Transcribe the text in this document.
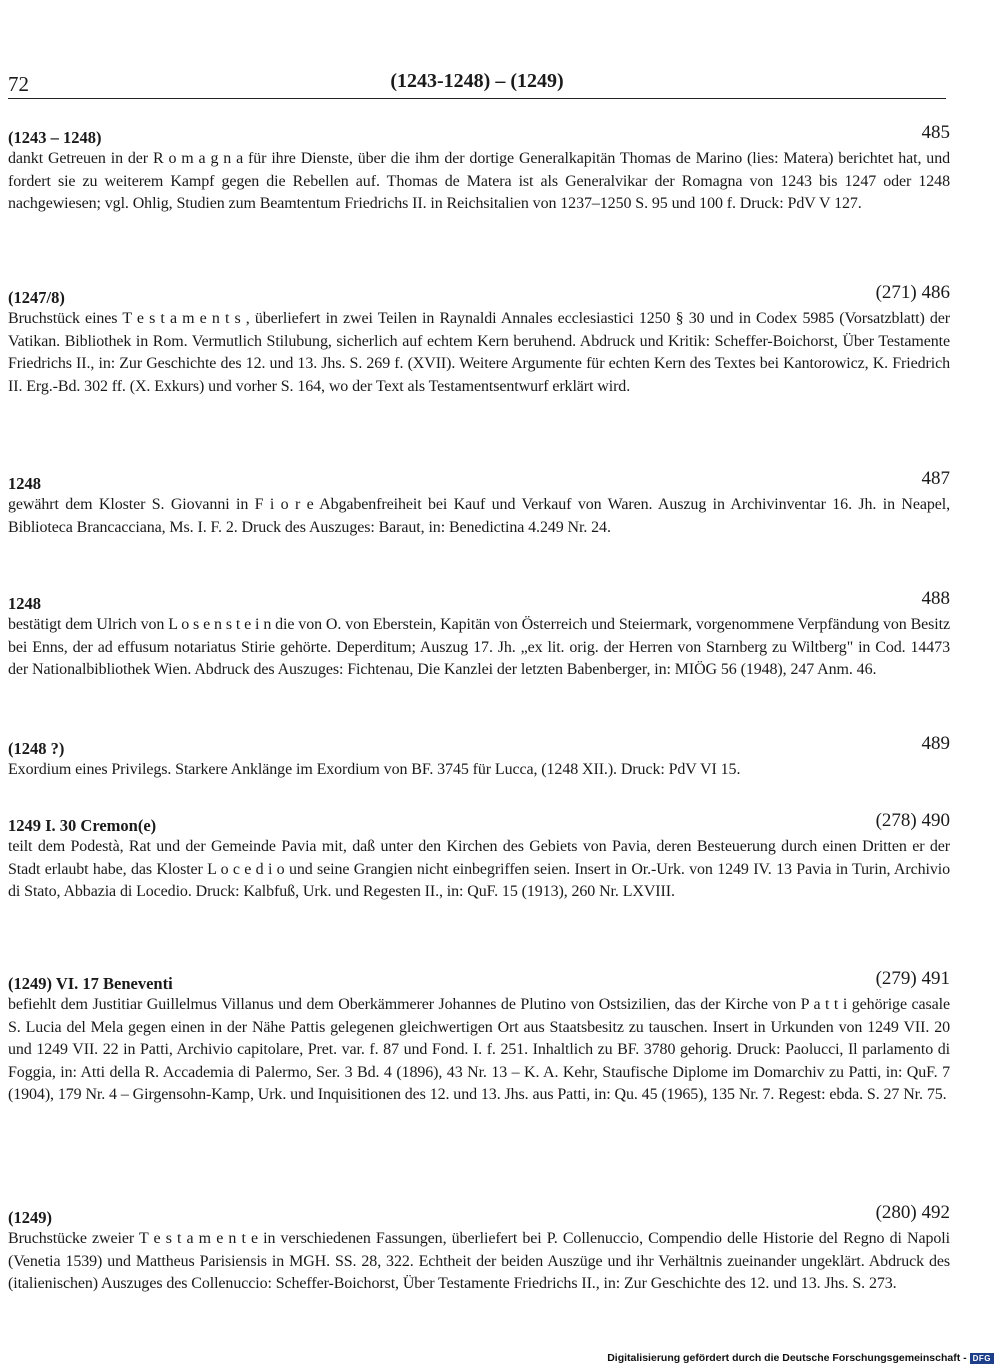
72	(1243-1248) – (1249)
(1243 – 1248)	485

dankt Getreuen in der R o m a g n a für ihre Dienste, über die ihm der dortige Generalkapitän Thomas de Marino (lies: Matera) berichtet hat, und fordert sie zu weiterem Kampf gegen die Rebellen auf. Thomas de Matera ist als Generalvikar der Romagna von 1243 bis 1247 oder 1248 nachgewiesen; vgl. Ohlig, Studien zum Beamtentum Friedrichs II. in Reichsitalien von 1237–1250 S. 95 und 100 f. Druck: PdV V 127.

(1247/8)	(271) 486

Bruchstück eines T e s t a m e n t s , überliefert in zwei Teilen in Raynaldi Annales ecclesiastici 1250 § 30 und in Codex 5985 (Vorsatzblatt) der Vatikan. Bibliothek in Rom. Vermutlich Stilubung, sicherlich auf echtem Kern beruhend. Abdruck und Kritik: Scheffer-Boichorst, Über Testamente Friedrichs II., in: Zur Geschichte des 12. und 13. Jhs. S. 269 f. (XVII). Weitere Argumente für echten Kern des Textes bei Kantorowicz, K. Friedrich II. Erg.-Bd. 302 ff. (X. Exkurs) und vorher S. 164, wo der Text als Testamentsentwurf erklärt wird.

1248	487

gewährt dem Kloster S. Giovanni in F i o r e Abgabenfreiheit bei Kauf und Verkauf von Waren. Auszug in Archivinventar 16. Jh. in Neapel, Biblioteca Brancacciana, Ms. I. F. 2. Druck des Auszuges: Baraut, in: Benedictina 4.249 Nr. 24.

1248	488

bestätigt dem Ulrich von L o s e n s t e i n die von O. von Eberstein, Kapitän von Österreich und Steiermark, vorgenommene Verpfändung von Besitz bei Enns, der ad effusum notariatus Stirie gehörte. Deperditum; Auszug 17. Jh. „ex lit. orig. der Herren von Starnberg zu Wiltberg" in Cod. 14473 der Nationalbibliothek Wien. Abdruck des Auszuges: Fichtenau, Die Kanzlei der letzten Babenberger, in: MIÖG 56 (1948), 247 Anm. 46.

(1248 ?)	489

Exordium eines Privilegs. Starkere Anklänge im Exordium von BF. 3745 für Lucca, (1248 XII.). Druck: PdV VI 15.

1249 I. 30 Cremon(e)	(278) 490

teilt dem Podestà, Rat und der Gemeinde Pavia mit, daß unter den Kirchen des Gebiets von Pavia, deren Besteuerung durch einen Dritten er der Stadt erlaubt habe, das Kloster L o c e d i o und seine Grangien nicht einbegriffen seien. Insert in Or.-Urk. von 1249 IV. 13 Pavia in Turin, Archivio di Stato, Abbazia di Locedio. Druck: Kalbfuß, Urk. und Regesten II., in: QuF. 15 (1913), 260 Nr. LXVIII.

(1249) VI. 17 Beneventi	(279) 491

befiehlt dem Justitiar Guillelmus Villanus und dem Oberkämmerer Johannes de Plutino von Ostsizilien, das der Kirche von P a t t i gehörige casale S. Lucia del Mela gegen einen in der Nähe Pattis gelegenen gleichwertigen Ort aus Staatsbesitz zu tauschen. Insert in Urkunden von 1249 VII. 20 und 1249 VII. 22 in Patti, Archivio capitolare, Pret. var. f. 87 und Fond. I. f. 251. Inhaltlich zu BF. 3780 gehorig. Druck: Paolucci, Il parlamento di Foggia, in: Atti della R. Accademia di Palermo, Ser. 3 Bd. 4 (1896), 43 Nr. 13 – K. A. Kehr, Staufische Diplome im Domarchiv zu Patti, in: QuF. 7 (1904), 179 Nr. 4 – Girgensohn-Kamp, Urk. und Inquisitionen des 12. und 13. Jhs. aus Patti, in: Qu. 45 (1965), 135 Nr. 7. Regest: ebda. S. 27 Nr. 75.

(1249)	(280) 492

Bruchstücke zweier T e s t a m e n t e in verschiedenen Fassungen, überliefert bei P. Collenuccio, Compendio delle Historie del Regno di Napoli (Venetia 1539) und Mattheus Parisiensis in MGH. SS. 28, 322. Echtheit der beiden Auszüge und ihr Verhältnis zueinander ungeklärt. Abdruck des (italienischen) Auszuges des Collenuccio: Scheffer-Boichorst, Über Testamente Friedrichs II., in: Zur Geschichte des 12. und 13. Jhs. S. 273.

Digitalisierung gefördert durch die Deutsche Forschungsgemeinschaft - DFG
